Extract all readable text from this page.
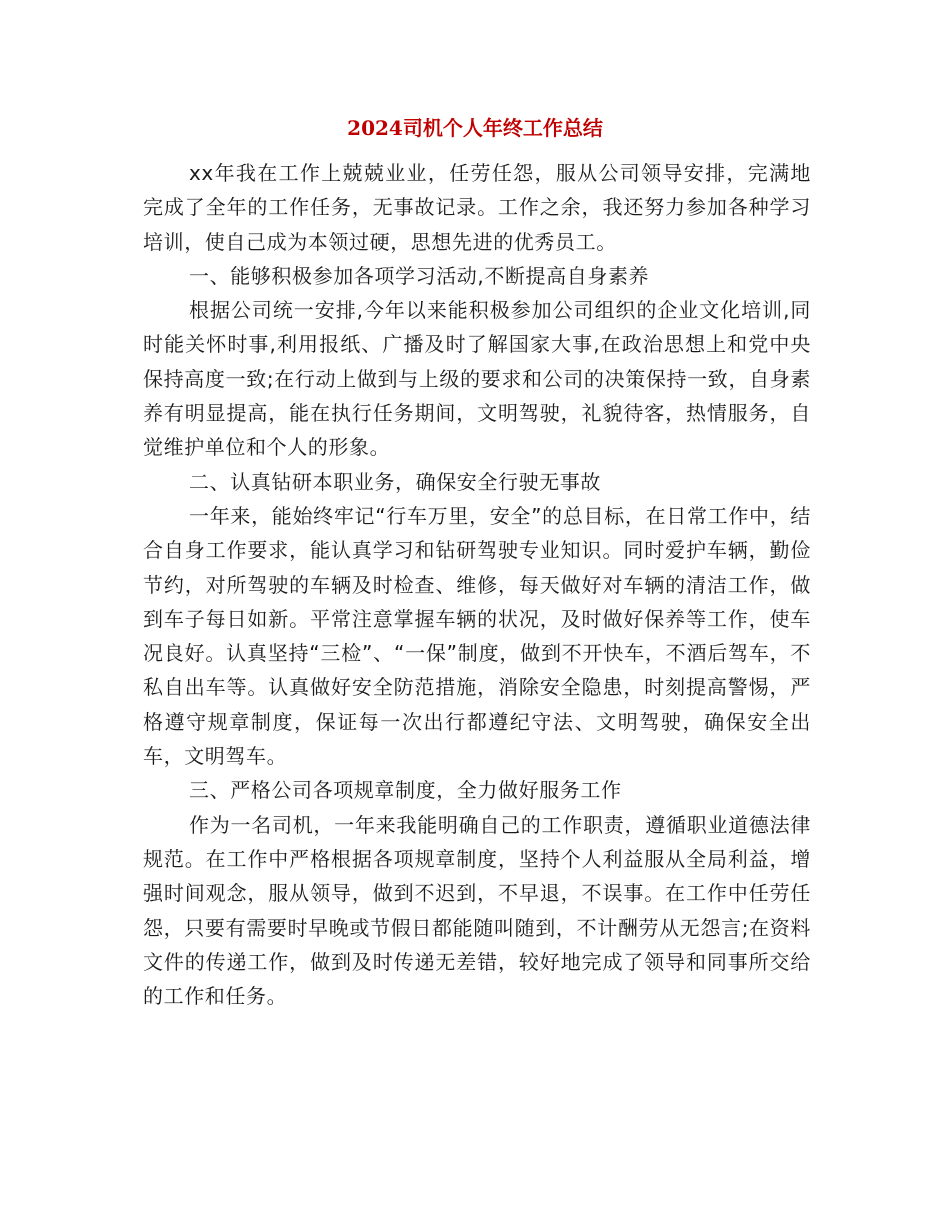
2024司机个人年终工作总结

xx年我在工作上兢兢业业，任劳任怨，服从公司领导安排，完满地完成了全年的工作任务，无事故记录。工作之余，我还努力参加各种学习培训，使自己成为本领过硬，思想先进的优秀员工。

一、能够积极参加各项学习活动,不断提高自身素养

根据公司统一安排,今年以来能积极参加公司组织的企业文化培训,同时能关怀时事,利用报纸、广播及时了解国家大事,在政治思想上和党中央保持高度一致;在行动上做到与上级的要求和公司的决策保持一致，自身素养有明显提高，能在执行任务期间，文明驾驶，礼貌待客，热情服务，自觉维护单位和个人的形象。

二、认真钻研本职业务，确保安全行驶无事故

一年来，能始终牢记“行车万里，安全”的总目标，在日常工作中，结合自身工作要求，能认真学习和钻研驾驶专业知识。同时爱护车辆，勤俭节约，对所驾驶的车辆及时检查、维修，每天做好对车辆的清洁工作，做到车子每日如新。平常注意掌握车辆的状况，及时做好保养等工作，使车况良好。认真坚持“三检”、“一保”制度，做到不开快车，不酒后驾车，不私自出车等。认真做好安全防范措施，消除安全隐患，时刻提高警惕，严格遵守规章制度，保证每一次出行都遵纪守法、文明驾驶，确保安全出车，文明驾车。

三、严格公司各项规章制度，全力做好服务工作

作为一名司机，一年来我能明确自己的工作职责，遵循职业道德法律规范。在工作中严格根据各项规章制度，坚持个人利益服从全局利益，增强时间观念，服从领导，做到不迟到，不早退，不误事。在工作中任劳任怨，只要有需要时早晚或节假日都能随叫随到，不计酬劳从无怨言;在资料文件的传递工作，做到及时传递无差错，较好地完成了领导和同事所交给的工作和任务。
